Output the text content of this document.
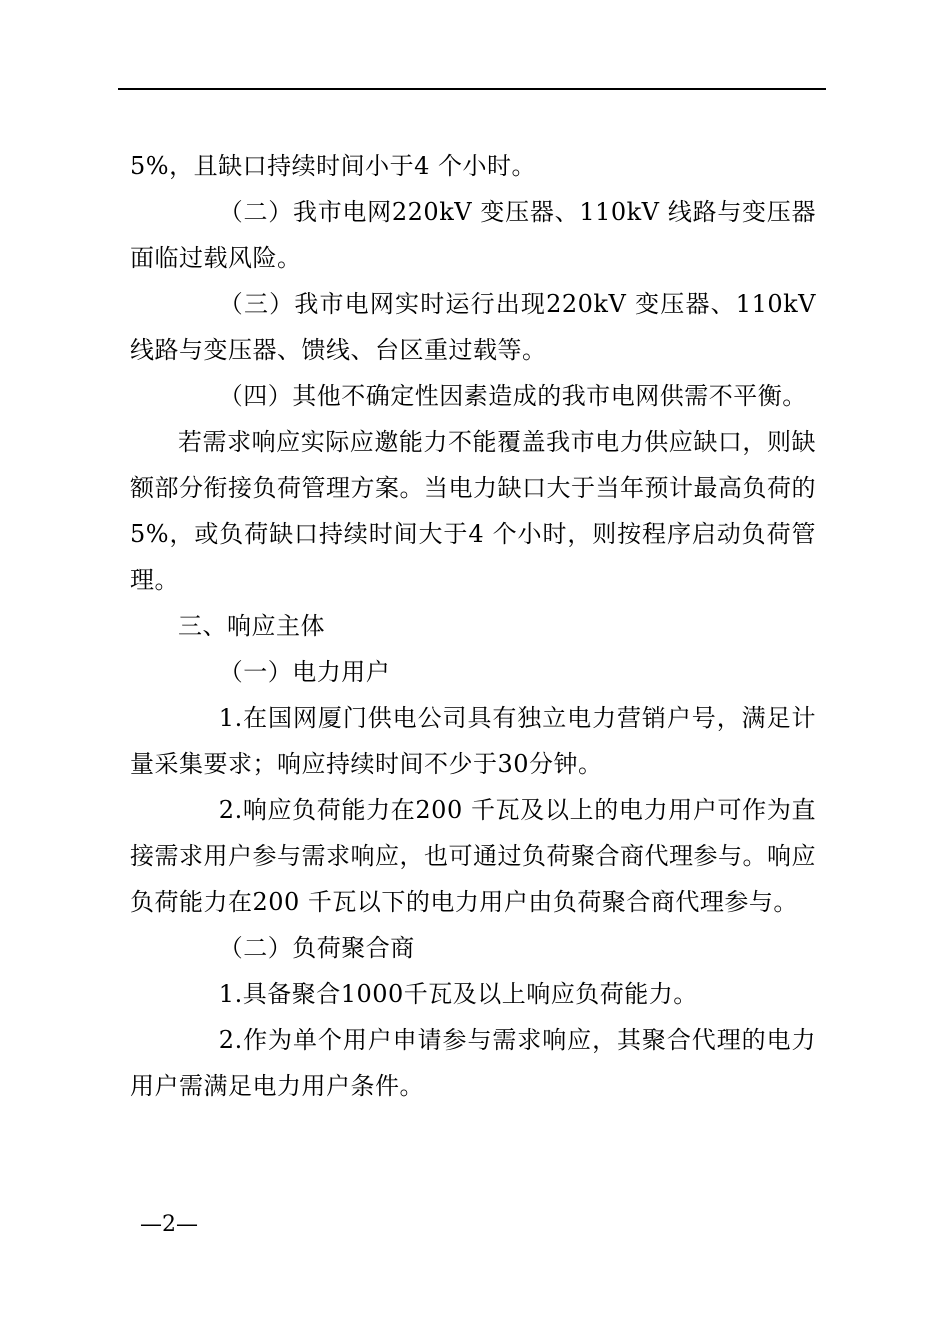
5%，且缺口持续时间小于4 个小时。

（二）我市电网220kV 变压器、110kV 线路与变压器面临过载风险。

（三）我市电网实时运行出现220kV 变压器、110kV 线路与变压器、馈线、台区重过载等。

（四）其他不确定性因素造成的我市电网供需不平衡。

若需求响应实际应邀能力不能覆盖我市电力供应缺口，则缺额部分衔接负荷管理方案。当电力缺口大于当年预计最高负荷的5%，或负荷缺口持续时间大于4 个小时，则按程序启动负荷管理。

三、响应主体

（一）电力用户

1.在国网厦门供电公司具有独立电力营销户号，满足计量采集要求；响应持续时间不少于30分钟。

2.响应负荷能力在200 千瓦及以上的电力用户可作为直接需求用户参与需求响应，也可通过负荷聚合商代理参与。响应负荷能力在200 千瓦以下的电力用户由负荷聚合商代理参与。

（二）负荷聚合商

1.具备聚合1000千瓦及以上响应负荷能力。

2.作为单个用户申请参与需求响应，其聚合代理的电力用户需满足电力用户条件。

—2—
